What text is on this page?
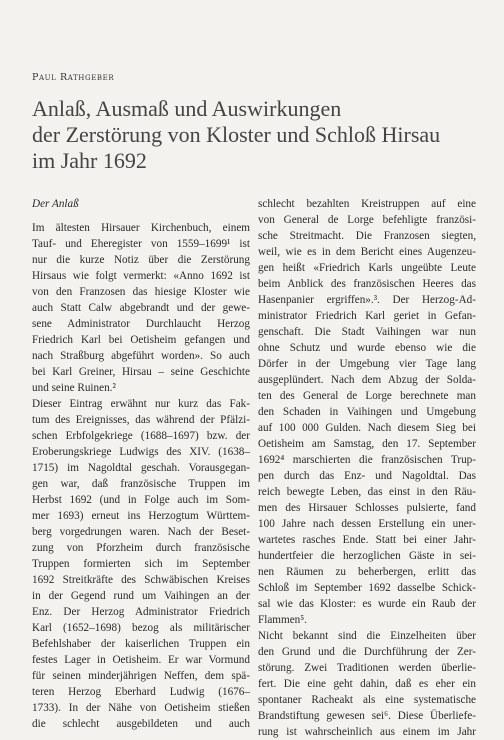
Paul Rathgeber
Anlaß, Ausmaß und Auswirkungen
der Zerstörung von Kloster und Schloß Hirsau
im Jahr 1692
Der Anlaß
Im ältesten Hirsauer Kirchenbuch, einem
Tauf- und Eheregister von 1559–1699¹ ist
nur die kurze Notiz über die Zerstörung
Hirsaus wie folgt vermerkt: «Anno 1692 ist
von den Franzosen das hiesige Kloster wie
auch Statt Calw abgebrandt und der gewe-
sene Administrator Durchlaucht Herzog
Friedrich Karl bei Oetisheim gefangen und
nach Straßburg abgeführt worden». So auch
bei Karl Greiner, Hirsau – seine Geschichte
und seine Ruinen.²
Dieser Eintrag erwähnt nur kurz das Fak-
tum des Ereignisses, das während der Pfälzi-
schen Erbfolgekriege (1688–1697) bzw. der
Eroberungskriege Ludwigs des XIV. (1638–
1715) im Nagoldtal geschah. Vorausgegan-
gen war, daß französische Truppen im
Herbst 1692 (und in Folge auch im Som-
mer 1693) erneut ins Herzogtum Württem-
berg vorgedrungen waren. Nach der Beset-
zung von Pforzheim durch französische
Truppen formierten sich im September
1692 Streitkräfte des Schwäbischen Kreises
in der Gegend rund um Vaihingen an der
Enz. Der Herzog Administrator Friedrich
Karl (1652–1698) bezog als militärischer
Befehlshaber der kaiserlichen Truppen ein
festes Lager in Oetisheim. Er war Vormund
für seinen minderjährigen Neffen, dem spä-
teren Herzog Eberhard Ludwig (1676–
1733). In der Nähe von Oetisheim stießen
die schlecht ausgebildeten und auch
schlecht bezahlten Kreistruppen auf eine
von General de Lorge befehligte französi-
sche Streitmacht. Die Franzosen siegten,
weil, wie es in dem Bericht eines Augenzeu-
gen heißt «Friedrich Karls ungeübte Leute
beim Anblick des französischen Heeres das
Hasenpanier ergriffen».³. Der Herzog-Ad-
ministrator Friedrich Karl geriet in Gefan-
genschaft. Die Stadt Vaihingen war nun
ohne Schutz und wurde ebenso wie die
Dörfer in der Umgebung vier Tage lang
ausgeplündert. Nach dem Abzug der Solda-
ten des General de Lorge berechnete man
den Schaden in Vaihingen und Umgebung
auf 100 000 Gulden. Nach diesem Sieg bei
Oetisheim am Samstag, den 17. September
1692⁴ marschierten die französischen Trup-
pen durch das Enz- und Nagoldtal. Das
reich bewegte Leben, das einst in den Räu-
men des Hirsauer Schlosses pulsierte, fand
100 Jahre nach dessen Erstellung ein uner-
wartetes rasches Ende. Statt bei einer Jahr-
hundertfeier die herzoglichen Gäste in sei-
nen Räumen zu beherbergen, erlitt das
Schloß im September 1692 dasselbe Schick-
sal wie das Kloster: es wurde ein Raub der
Flammen⁵.
Nicht bekannt sind die Einzelheiten über
den Grund und die Durchführung der Zer-
störung. Zwei Traditionen werden überlie-
fert. Die eine geht dahin, daß es eher ein
spontaner Racheakt als eine systematische
Brandstiftung gewesen sei⁶. Diese Überliefe-
rung ist wahrscheinlich aus einem im Jahr
